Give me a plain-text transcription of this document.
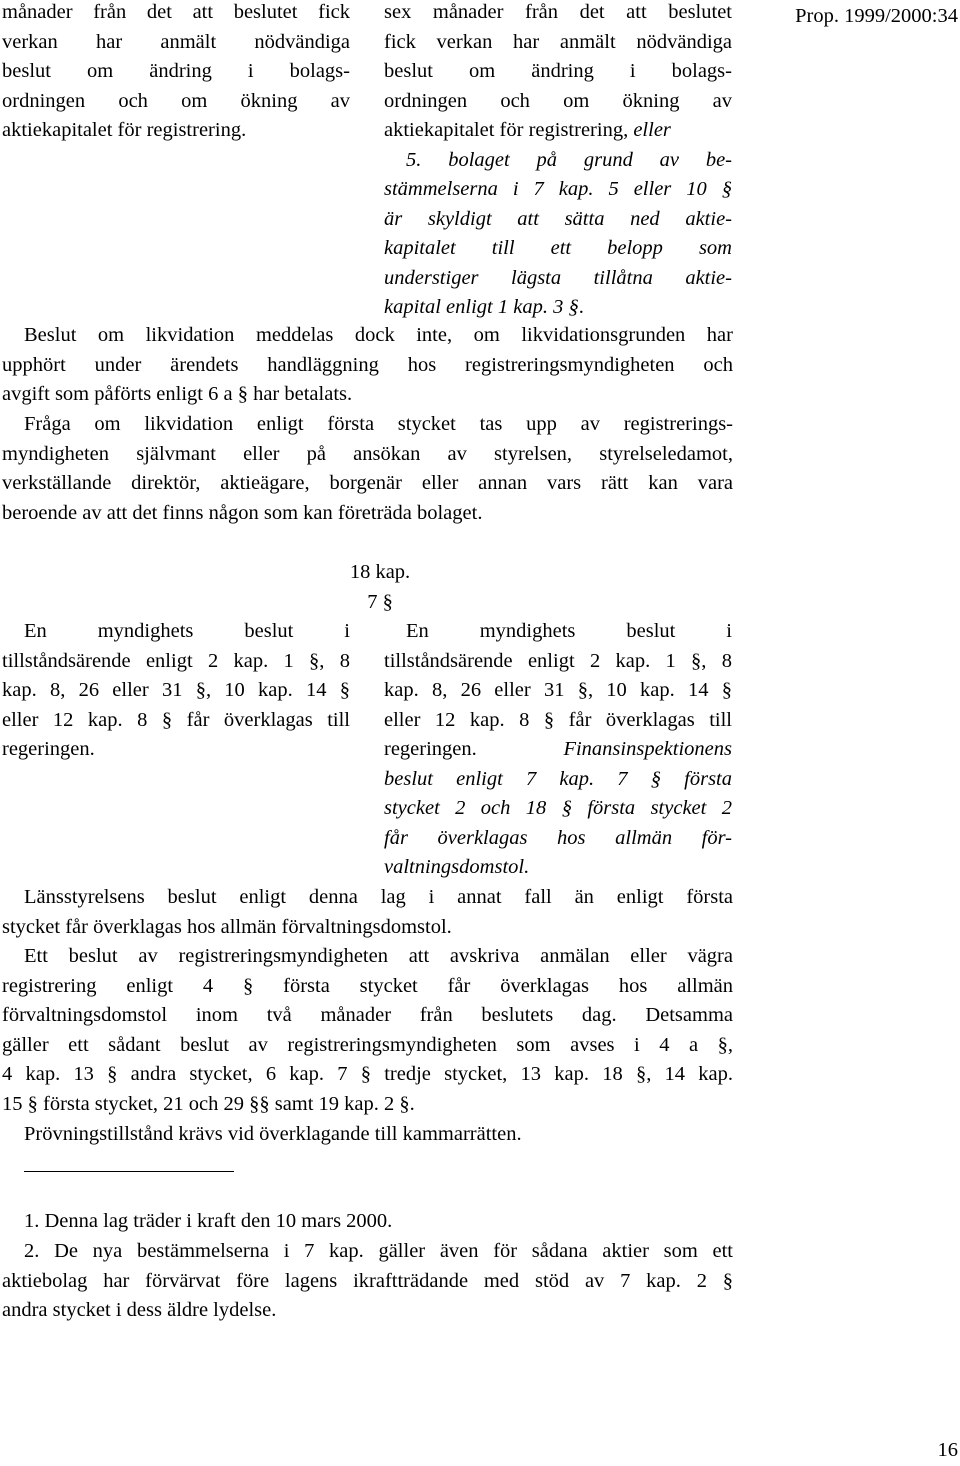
Prop. 1999/2000:34
månader från det att beslutet fick
verkan har anmält nödvändiga
beslut om ändring i bolags-
ordningen och om ökning av
aktiekapitalet för registrering.
sex månader från det att beslutet
fick verkan har anmält nödvändiga
beslut om ändring i bolags-
ordningen och om ökning av
aktiekapitalet för registrering, eller
5. bolaget på grund av be-
stämmelserna i 7 kap. 5 eller 10 §
är skyldigt att sätta ned aktie-
kapitalet till ett belopp som
understiger lägsta tillåtna aktie-
kapital enligt 1 kap. 3 §.
Beslut om likvidation meddelas dock inte, om likvidationsgrunden har
upphört under ärendets handläggning hos registreringsmyndigheten och
avgift som påförts enligt 6 a § har betalats.
Fråga om likvidation enligt första stycket tas upp av registrerings-
myndigheten självmant eller på ansökan av styrelsen, styrelseledamot,
verkställande direktör, aktieägare, borgenär eller annan vars rätt kan vara
beroende av att det finns någon som kan företräda bolaget.
18 kap.
7 §
En myndighets beslut i
tillståndsärende enligt 2 kap. 1 §, 8
kap. 8, 26 eller 31 §, 10 kap. 14 §
eller 12 kap. 8 § får överklagas till
regeringen.
En myndighets beslut i
tillståndsärende enligt 2 kap. 1 §, 8
kap. 8, 26 eller 31 §, 10 kap. 14 §
eller 12 kap. 8 § får överklagas till
regeringen. Finansinspektionens
beslut enligt 7 kap. 7 § första
stycket 2 och 18 § första stycket 2
får överklagas hos allmän för-
valtningsdomstol.
Länsstyrelsens beslut enligt denna lag i annat fall än enligt första
stycket får överklagas hos allmän förvaltningsdomstol.
Ett beslut av registreringsmyndigheten att avskriva anmälan eller vägra
registrering enligt 4 § första stycket får överklagas hos allmän
förvaltningsdomstol inom två månader från beslutets dag. Detsamma
gäller ett sådant beslut av registreringsmyndigheten som avses i 4 a §,
4 kap. 13 § andra stycket, 6 kap. 7 § tredje stycket, 13 kap. 18 §, 14 kap.
15 § första stycket, 21 och 29 §§ samt 19 kap. 2 §.
Prövningstillstånd krävs vid överklagande till kammarrätten.
1. Denna lag träder i kraft den 10 mars 2000.
2. De nya bestämmelserna i 7 kap. gäller även för sådana aktier som ett
aktiebolag har förvärvat före lagens ikraftträdande med stöd av 7 kap. 2 §
andra stycket i dess äldre lydelse.
16
